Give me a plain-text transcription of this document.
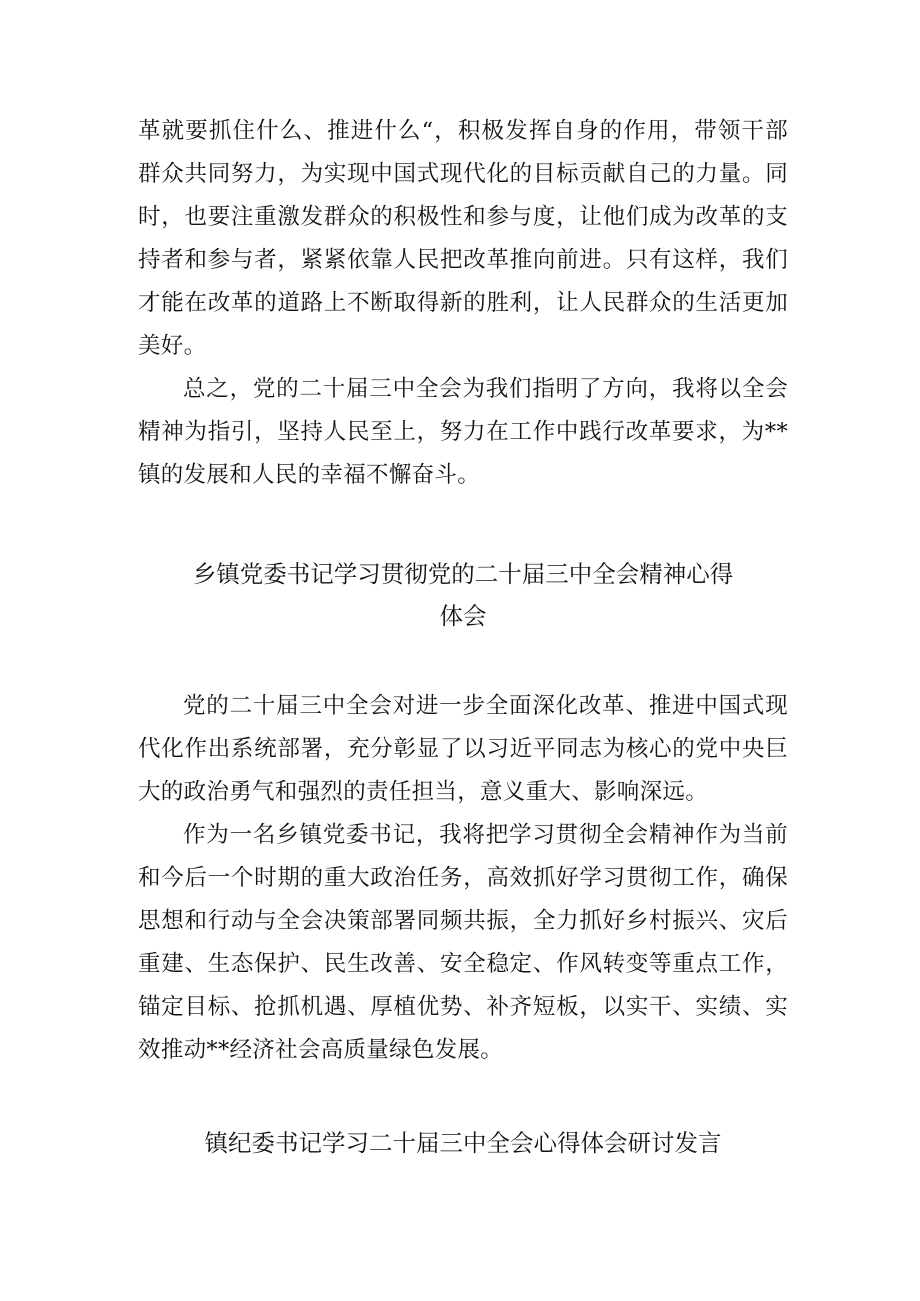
革就要抓住什么、推进什么“，积极发挥自身的作用，带领干部群众共同努力，为实现中国式现代化的目标贡献自己的力量。同时，也要注重激发群众的积极性和参与度，让他们成为改革的支持者和参与者，紧紧依靠人民把改革推向前进。只有这样，我们才能在改革的道路上不断取得新的胜利，让人民群众的生活更加美好。

总之，党的二十届三中全会为我们指明了方向，我将以全会精神为指引，坚持人民至上，努力在工作中践行改革要求，为**镇的发展和人民的幸福不懈奋斗。

乡镇党委书记学习贯彻党的二十届三中全会精神心得
体会

党的二十届三中全会对进一步全面深化改革、推进中国式现代化作出系统部署，充分彰显了以习近平同志为核心的党中央巨大的政治勇气和强烈的责任担当，意义重大、影响深远。

作为一名乡镇党委书记，我将把学习贯彻全会精神作为当前和今后一个时期的重大政治任务，高效抓好学习贯彻工作，确保思想和行动与全会决策部署同频共振，全力抓好乡村振兴、灾后重建、生态保护、民生改善、安全稳定、作风转变等重点工作，锚定目标、抢抓机遇、厚植优势、补齐短板，以实干、实绩、实效推动**经济社会高质量绿色发展。

镇纪委书记学习二十届三中全会心得体会研讨发言
